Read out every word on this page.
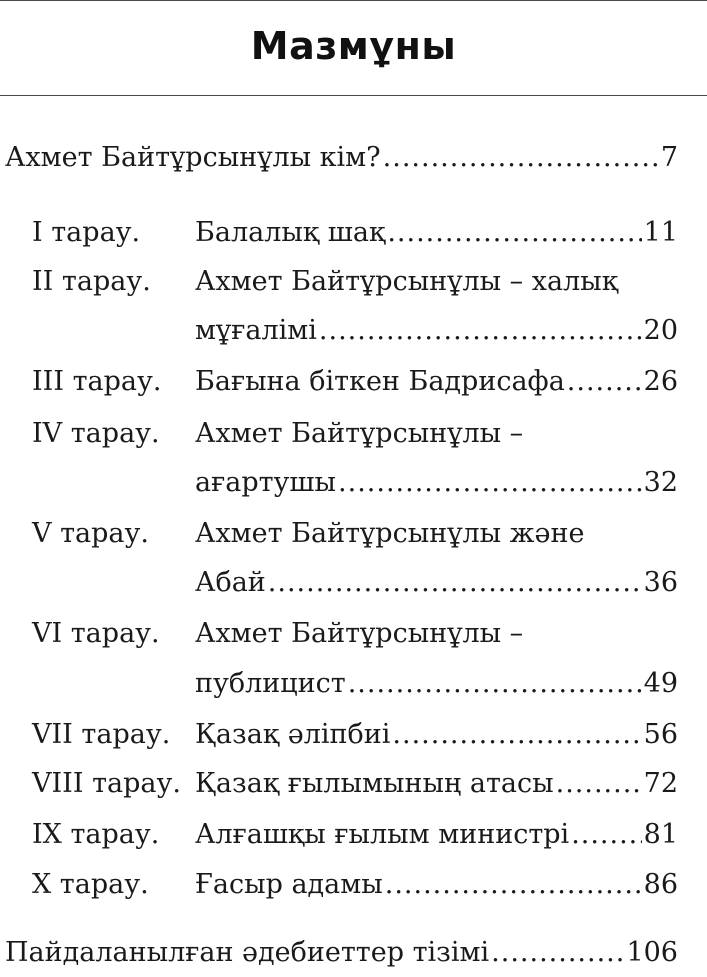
Мазмұны
Ахмет Байтұрсынұлы кім? .....	7
I тарау. Балалық шақ .....	11
II тарау. Ахмет Байтұрсынұлы – халық
мұғалімі .....	20
III тарау. Бағына біткен Бадрисафа .....	26
IV тарау. Ахмет Байтұрсынұлы –
ағартушы .....	32
V тарау. Ахмет Байтұрсынұлы және
Абай .....	36
VI тарау. Ахмет Байтұрсынұлы –
публицист .....	49
VII тарау. Қазақ әліпбиі .....	56
VIII тарау. Қазақ ғылымының атасы .....	72
IX тарау. Алғашқы ғылым министрі .....	81
X тарау. Ғасыр адамы .....	86
Пайдаланылған әдебиеттер тізімі .....	106
